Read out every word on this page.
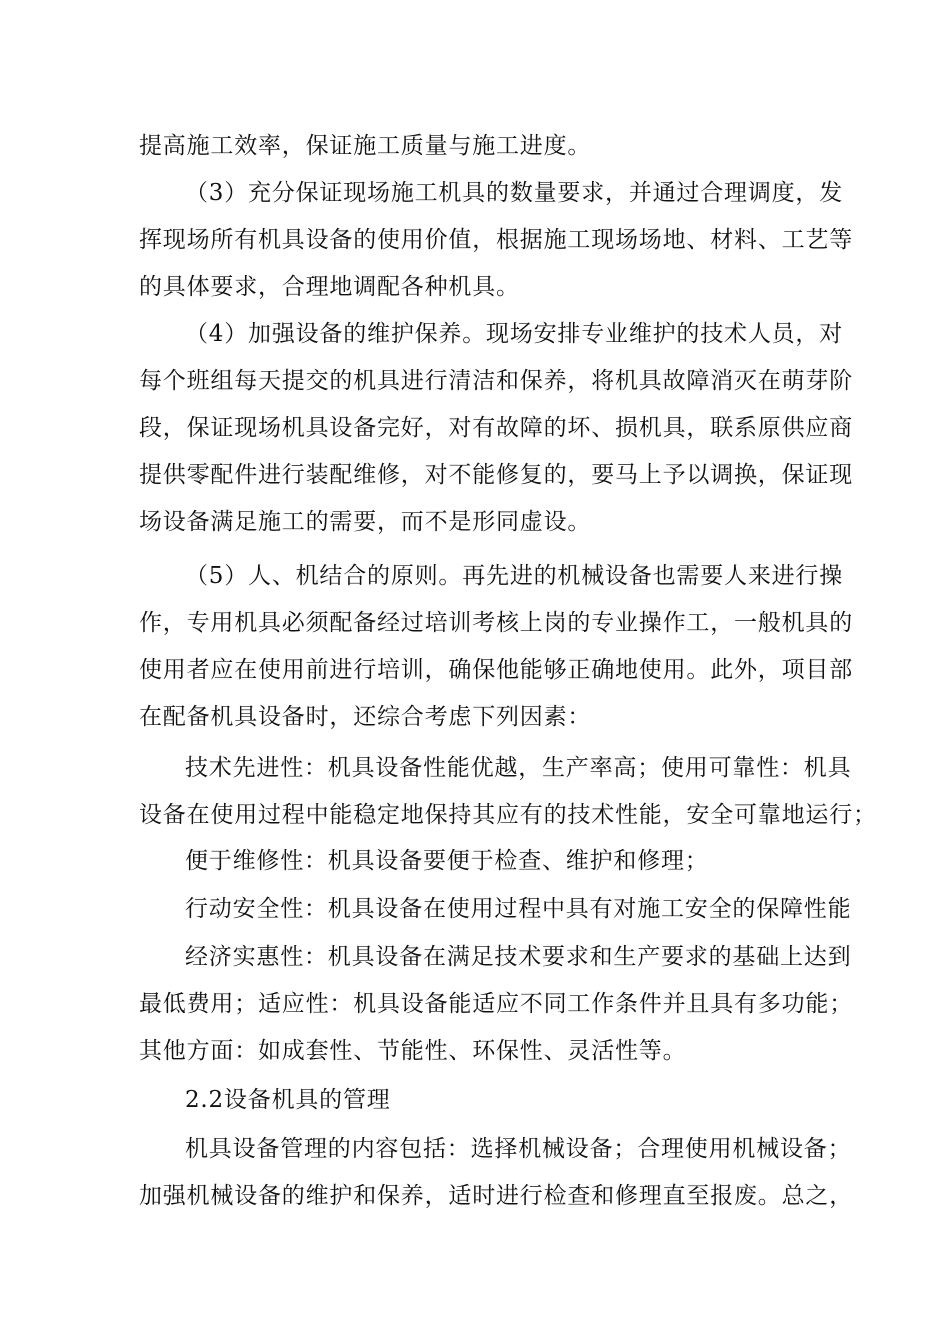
提高施工效率，保证施工质量与施工进度。
（3）充分保证现场施工机具的数量要求，并通过合理调度，发
挥现场所有机具设备的使用价值，根据施工现场场地、材料、工艺等
的具体要求，合理地调配各种机具。
（4）加强设备的维护保养。现场安排专业维护的技术人员，对
每个班组每天提交的机具进行清洁和保养，将机具故障消灭在萌芽阶
段，保证现场机具设备完好，对有故障的坏、损机具，联系原供应商
提供零配件进行装配维修，对不能修复的，要马上予以调换，保证现
场设备满足施工的需要，而不是形同虚设。
（5）人、机结合的原则。再先进的机械设备也需要人来进行操
作，专用机具必须配备经过培训考核上岗的专业操作工，一般机具的
使用者应在使用前进行培训，确保他能够正确地使用。此外，项目部
在配备机具设备时，还综合考虑下列因素：
技术先进性：机具设备性能优越，生产率高；使用可靠性：机具
设备在使用过程中能稳定地保持其应有的技术性能，安全可靠地运行；
便于维修性：机具设备要便于检查、维护和修理；
行动安全性：机具设备在使用过程中具有对施工安全的保障性能
经济实惠性：机具设备在满足技术要求和生产要求的基础上达到
最低费用；适应性：机具设备能适应不同工作条件并且具有多功能；
其他方面：如成套性、节能性、环保性、灵活性等。
2.2设备机具的管理
机具设备管理的内容包括：选择机械设备；合理使用机械设备；
加强机械设备的维护和保养，适时进行检查和修理直至报废。总之，
